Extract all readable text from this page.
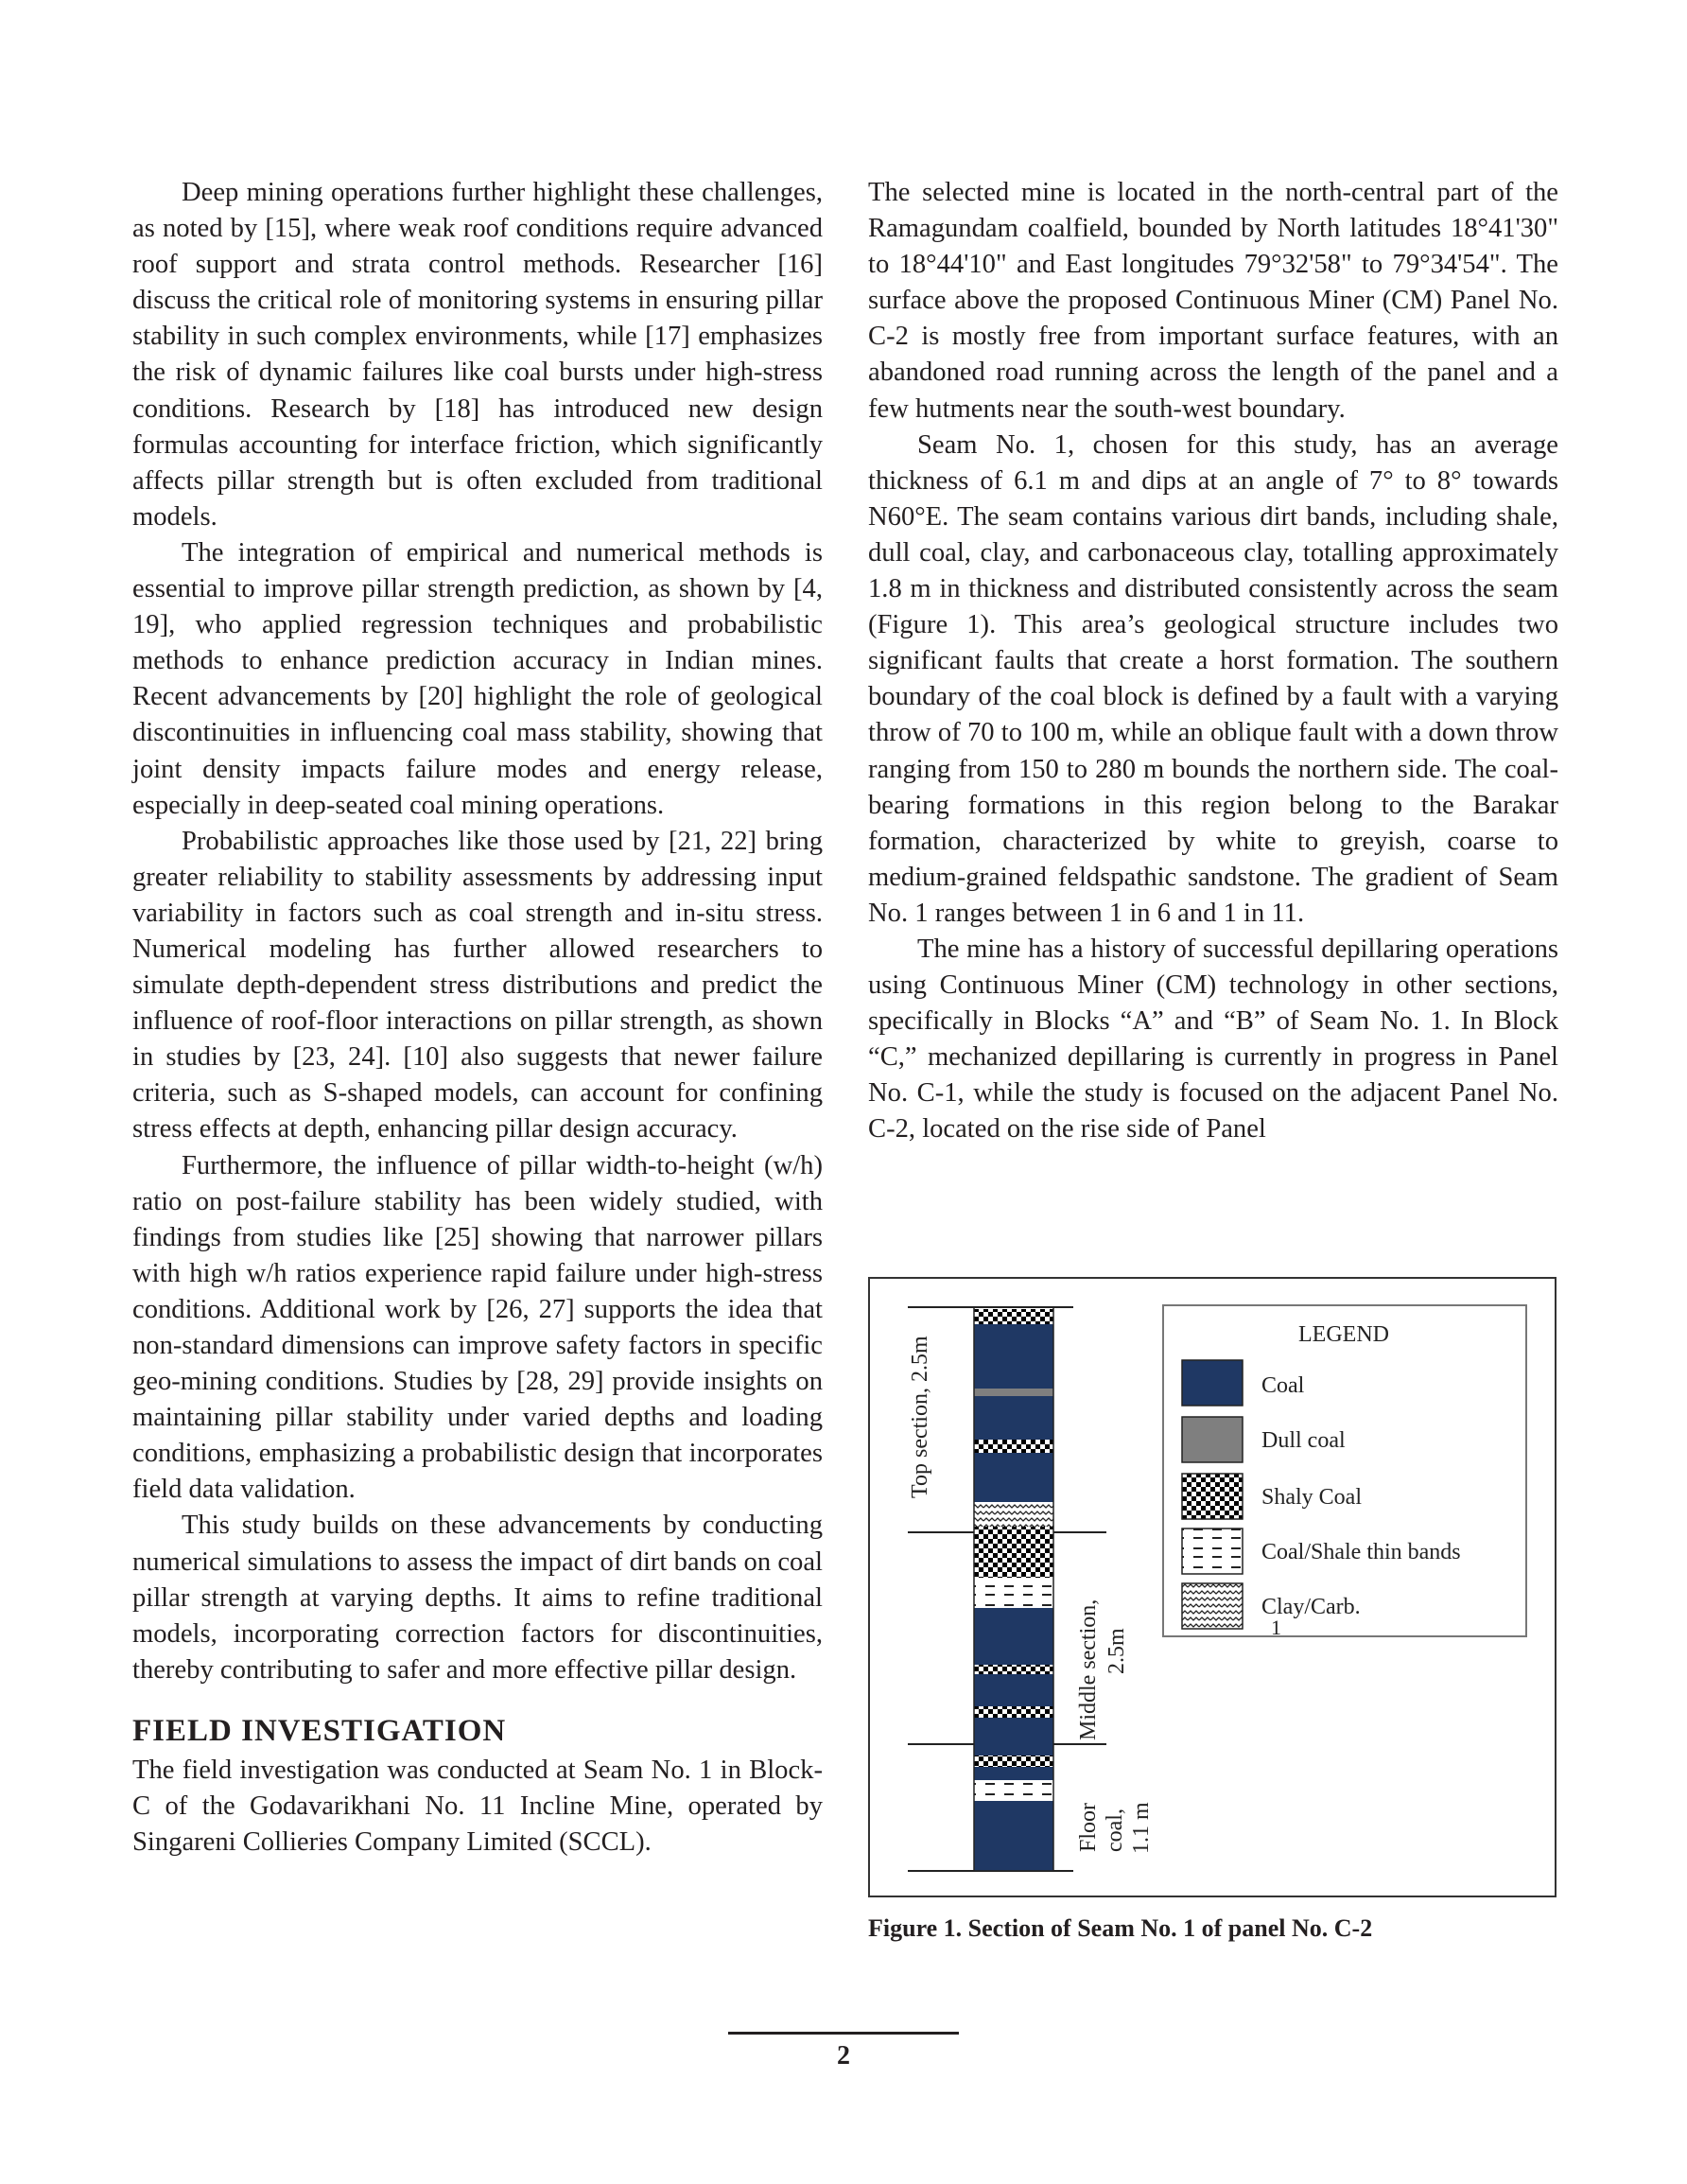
Deep mining operations further highlight these challenges, as noted by [15], where weak roof conditions require advanced roof support and strata control methods. Researcher [16] discuss the critical role of monitoring systems in ensuring pillar stability in such complex environments, while [17] emphasizes the risk of dynamic failures like coal bursts under high-stress conditions. Research by [18] has introduced new design formulas accounting for interface friction, which significantly affects pillar strength but is often excluded from traditional models.

The integration of empirical and numerical methods is essential to improve pillar strength prediction, as shown by [4, 19], who applied regression techniques and probabilistic methods to enhance prediction accuracy in Indian mines. Recent advancements by [20] highlight the role of geological discontinuities in influencing coal mass stability, showing that joint density impacts failure modes and energy release, especially in deep-seated coal mining operations.

Probabilistic approaches like those used by [21, 22] bring greater reliability to stability assessments by addressing input variability in factors such as coal strength and in-situ stress. Numerical modeling has further allowed researchers to simulate depth-dependent stress distributions and predict the influence of roof-floor interactions on pillar strength, as shown in studies by [23, 24]. [10] also suggests that newer failure criteria, such as S-shaped models, can account for confining stress effects at depth, enhancing pillar design accuracy.

Furthermore, the influence of pillar width-to-height (w/h) ratio on post-failure stability has been widely studied, with findings from studies like [25] showing that narrower pillars with high w/h ratios experience rapid failure under high-stress conditions. Additional work by [26, 27] supports the idea that non-standard dimensions can improve safety factors in specific geo-mining conditions. Studies by [28, 29] provide insights on maintaining pillar stability under varied depths and loading conditions, emphasizing a probabilistic design that incorporates field data validation.

This study builds on these advancements by conducting numerical simulations to assess the impact of dirt bands on coal pillar strength at varying depths. It aims to refine traditional models, incorporating correction factors for discontinuities, thereby contributing to safer and more effective pillar design.

FIELD INVESTIGATION

The field investigation was conducted at Seam No. 1 in Block-C of the Godavarikhani No. 11 Incline Mine, operated by Singareni Collieries Company Limited (SCCL).

The selected mine is located in the north-central part of the Ramagundam coalfield, bounded by North latitudes 18°41'30" to 18°44'10" and East longitudes 79°32'58" to 79°34'54". The surface above the proposed Continuous Miner (CM) Panel No. C-2 is mostly free from important surface features, with an abandoned road running across the length of the panel and a few hutments near the south-west boundary.

Seam No. 1, chosen for this study, has an average thickness of 6.1 m and dips at an angle of 7° to 8° towards N60°E. The seam contains various dirt bands, including shale, dull coal, clay, and carbonaceous clay, totalling approximately 1.8 m in thickness and distributed consistently across the seam (Figure 1). This area’s geological structure includes two significant faults that create a horst formation. The southern boundary of the coal block is defined by a fault with a varying throw of 70 to 100 m, while an oblique fault with a down throw ranging from 150 to 280 m bounds the northern side. The coal-bearing formations in this region belong to the Barakar formation, characterized by white to greyish, coarse to medium-grained feldspathic sandstone. The gradient of Seam No. 1 ranges between 1 in 6 and 1 in 11.

The mine has a history of successful depillaring operations using Continuous Miner (CM) technology in other sections, specifically in Blocks “A” and “B” of Seam No. 1. In Block “C,” mechanized depillaring is currently in progress in Panel No. C-1, while the study is focused on the adjacent Panel No. C-2, located on the rise side of Panel

Top section, 2.5m
Middle section, 2.5m
Floor coal, 1.1 m
LEGEND
Coal
Dull coal
Shaly Coal
Coal/Shale thin bands
Clay/Carb.
1
Figure 1. Section of Seam No. 1 of panel No. C-2
2
